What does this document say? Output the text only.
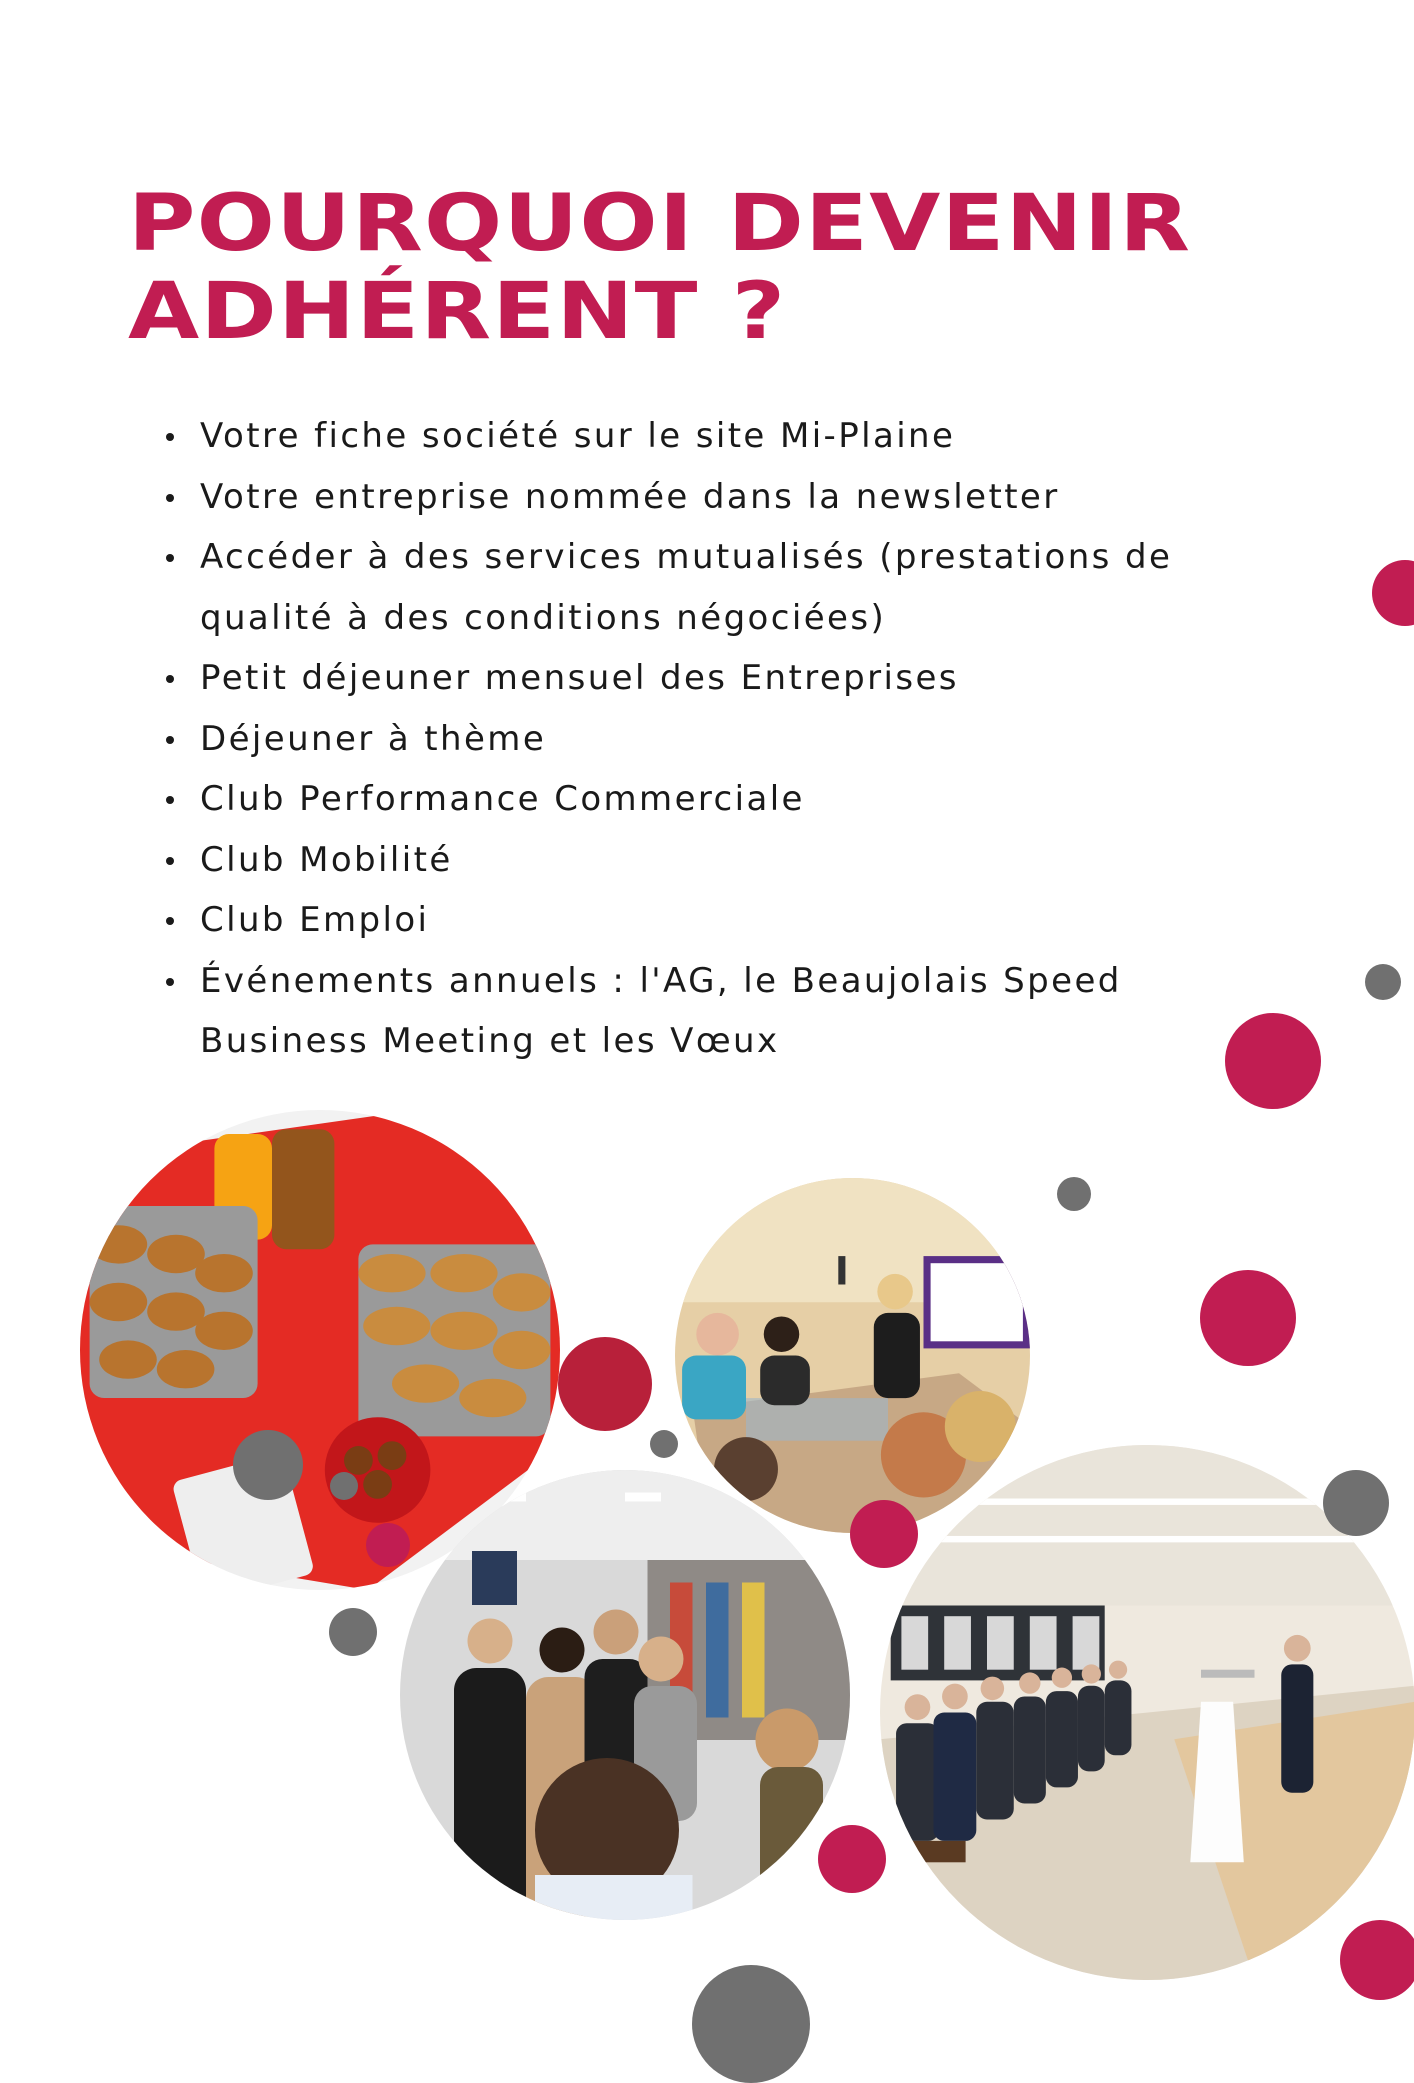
POURQUOI DEVENIR
ADHÉRENT ?
Votre fiche société sur le site Mi-Plaine
Votre entreprise nommée dans la newsletter
Accéder à des services mutualisés (prestations de qualité à des conditions négociées)
Petit déjeuner mensuel des Entreprises
Déjeuner à thème
Club Performance Commerciale
Club Mobilité
Club Emploi
Événements annuels : l'AG, le Beaujolais Speed Business Meeting et les Vœux
